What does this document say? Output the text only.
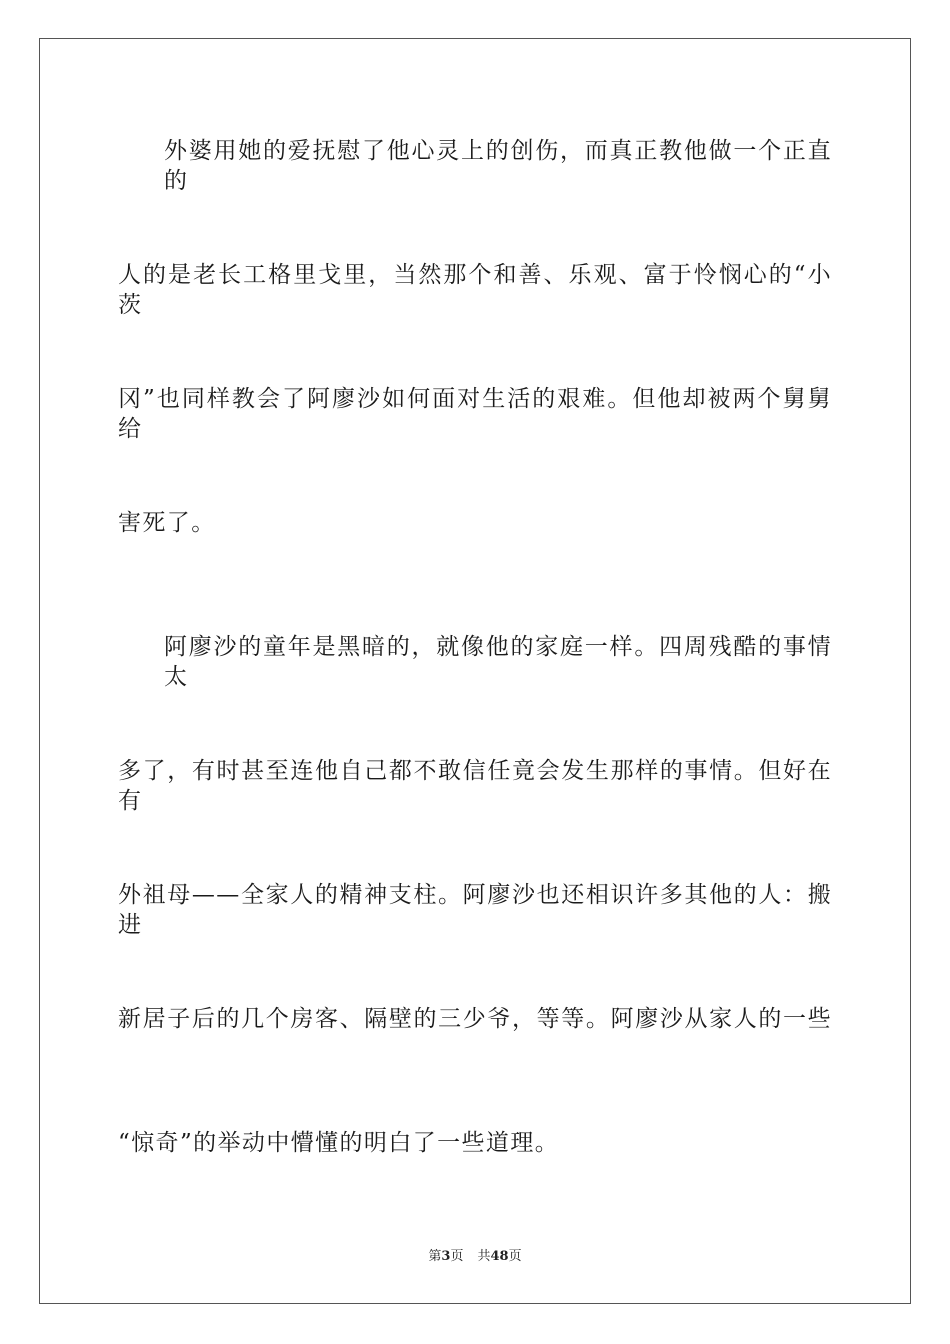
外婆用她的爱抚慰了他心灵上的创伤，而真正教他做一个正直的
人的是老长工格里戈里，当然那个和善、乐观、富于怜悯心的“小茨
冈”也同样教会了阿廖沙如何面对生活的艰难。但他却被两个舅舅给
害死了。
阿廖沙的童年是黑暗的，就像他的家庭一样。四周残酷的事情太
多了，有时甚至连他自己都不敢信任竟会发生那样的事情。但好在有
外祖母——全家人的精神支柱。阿廖沙也还相识许多其他的人：搬进
新居子后的几个房客、隔壁的三少爷，等等。阿廖沙从家人的一些
“惊奇”的举动中懵懂的明白了一些道理。
第3页 共48页
